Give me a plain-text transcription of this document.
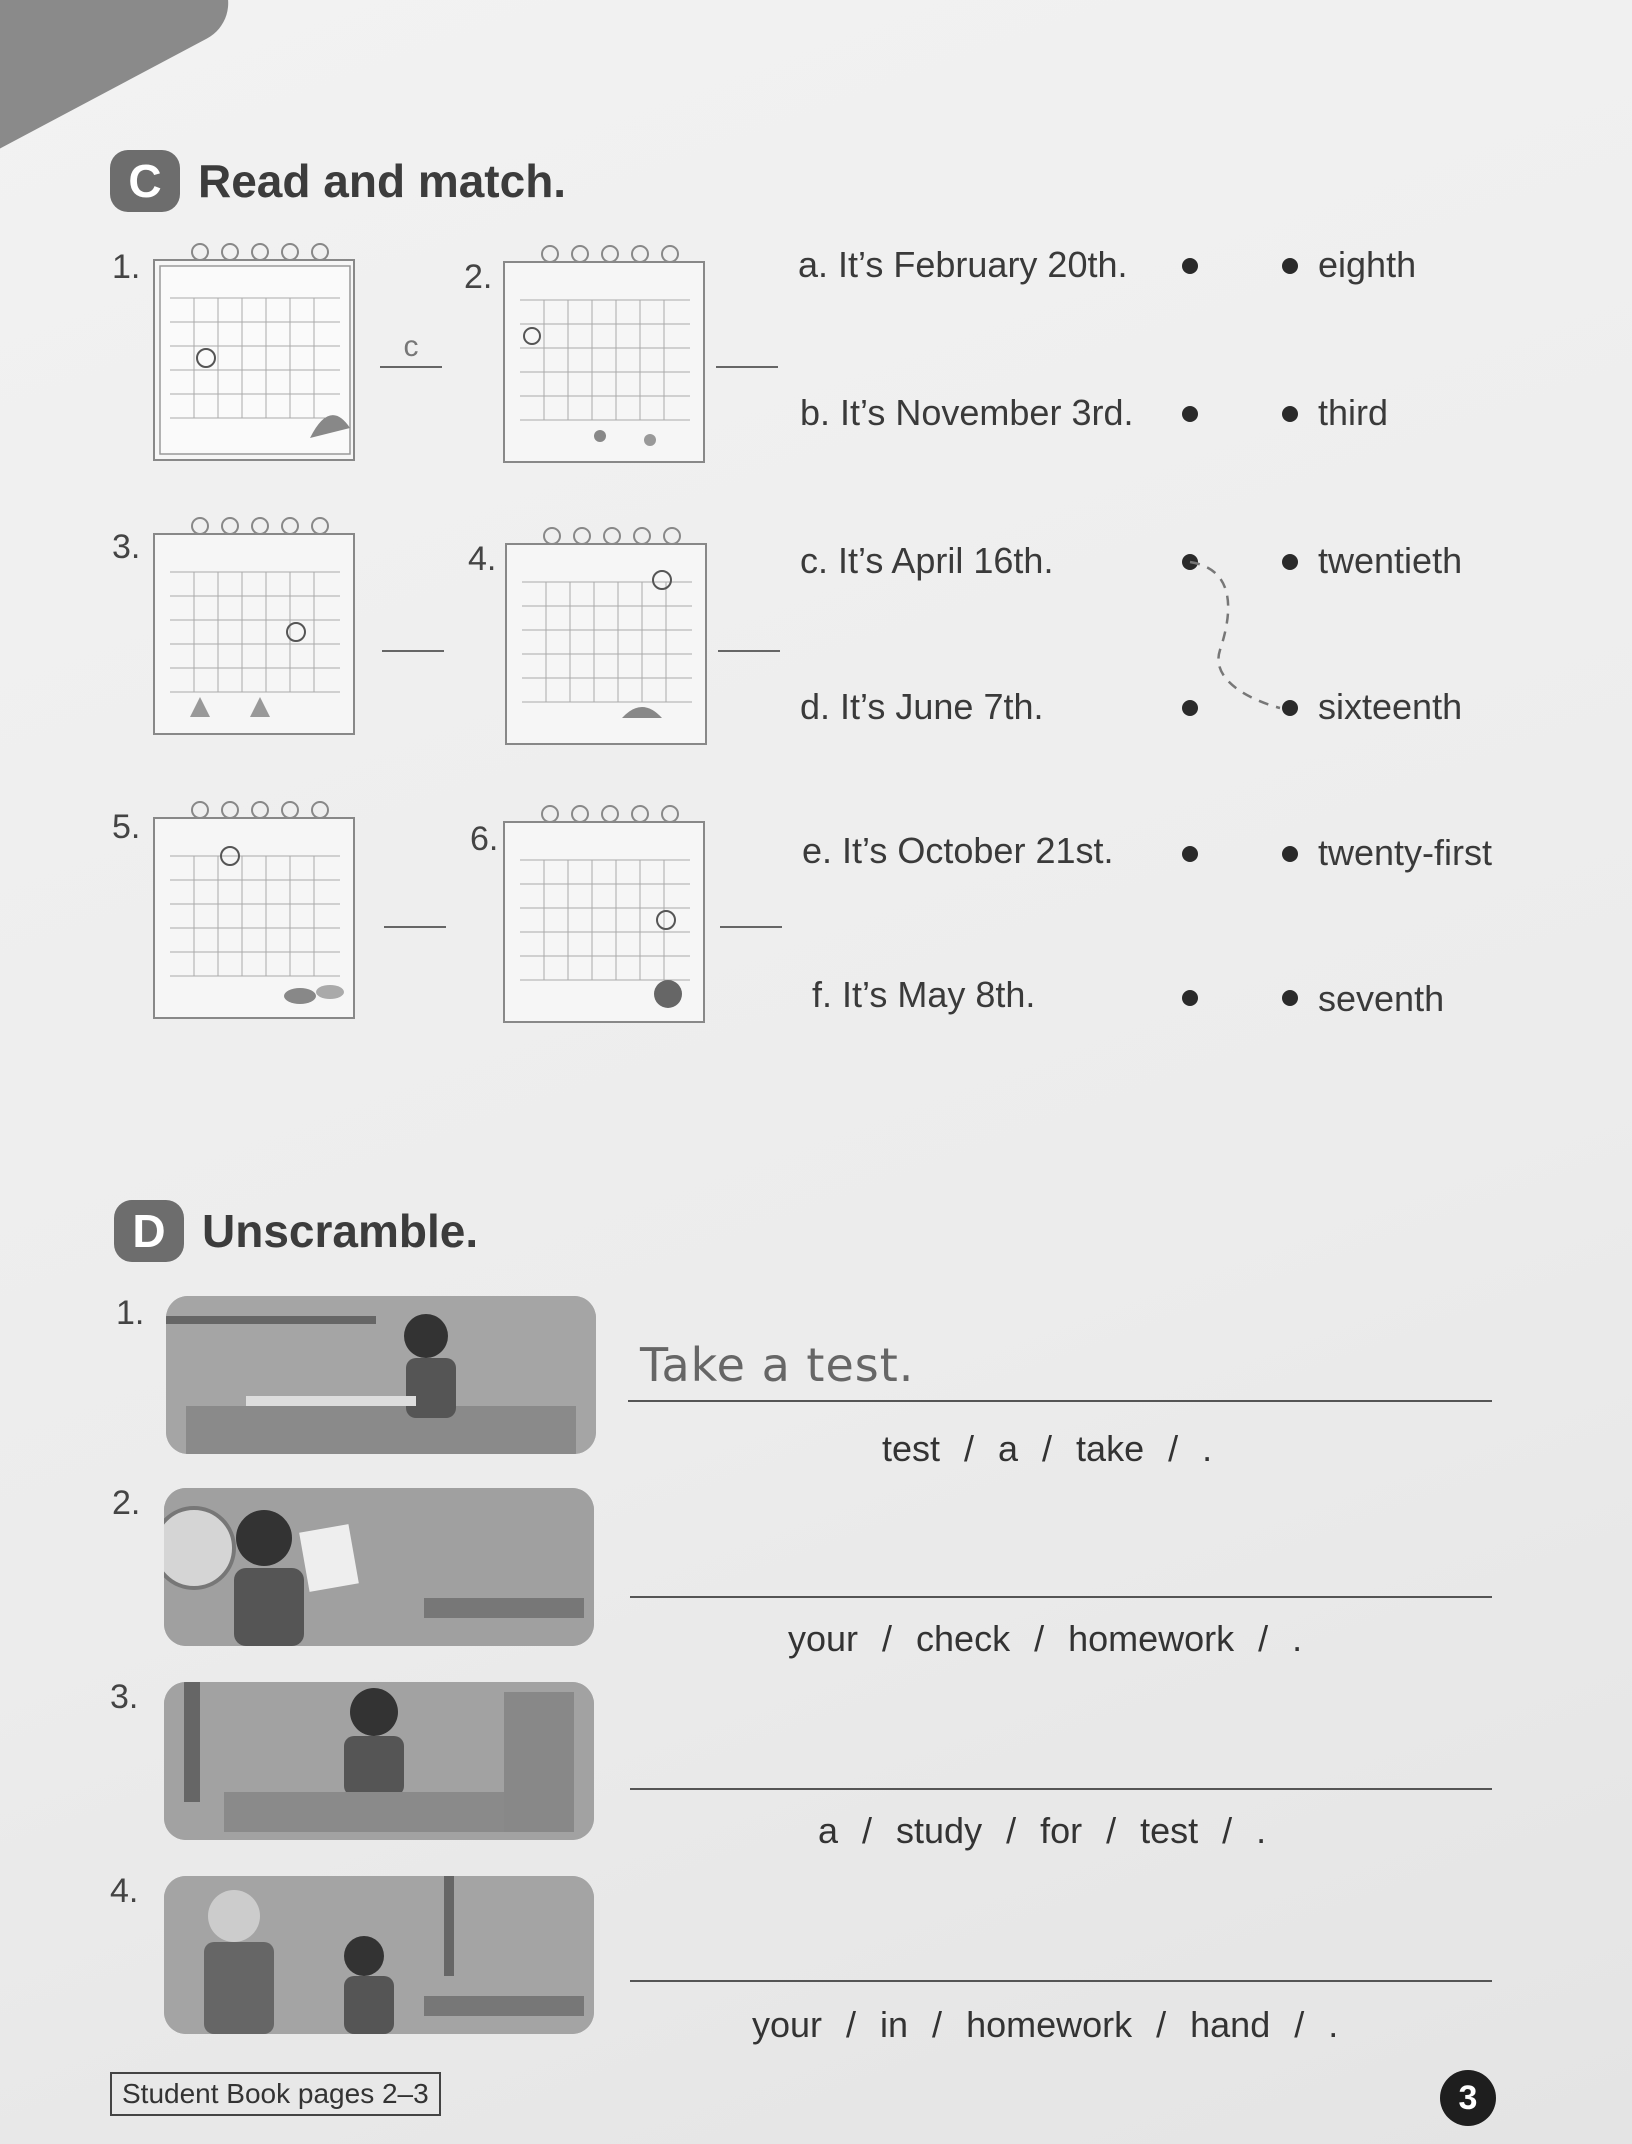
C Read and match.
1.	2.
3.	4.
5.	6.
c
a. It’s February 20th.
b. It’s November 3rd.
c. It’s April 16th.
d. It’s June 7th.
e. It’s October 21st.
f. It’s May 8th.
eighth
third
twentieth
sixteenth
twenty-first
seventh
D Unscramble.
1.
Take a test.
test / a / take / .
2.
your / check / homework / .
3.
a / study / for / test / .
4.
your / in / homework / hand / .
Student Book pages 2–3	3
